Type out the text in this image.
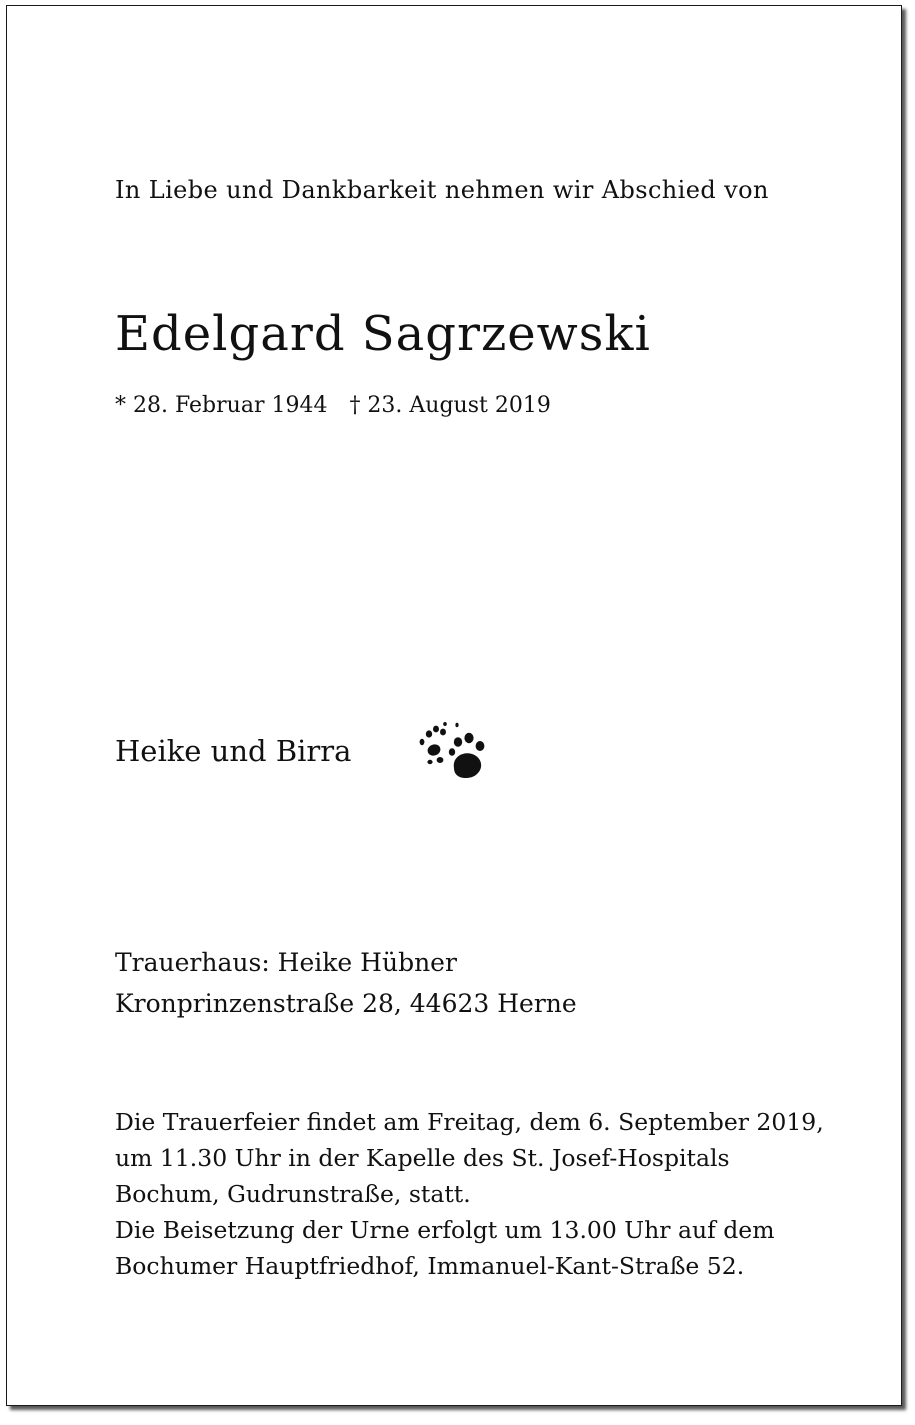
In Liebe und Dankbarkeit nehmen wir Abschied von

Edelgard Sagrzewski

* 28. Februar 1944 † 23. August 2019

Heike und Birra

Trauerhaus: Heike Hübner

Kronprinzenstraße 28, 44623 Herne

Die Trauerfeier findet am Freitag, dem 6. September 2019,

um 11.30 Uhr in der Kapelle des St. Josef-Hospitals

Bochum, Gudrunstraße, statt.

Die Beisetzung der Urne erfolgt um 13.00 Uhr auf dem

Bochumer Hauptfriedhof, Immanuel-Kant-Straße 52.
